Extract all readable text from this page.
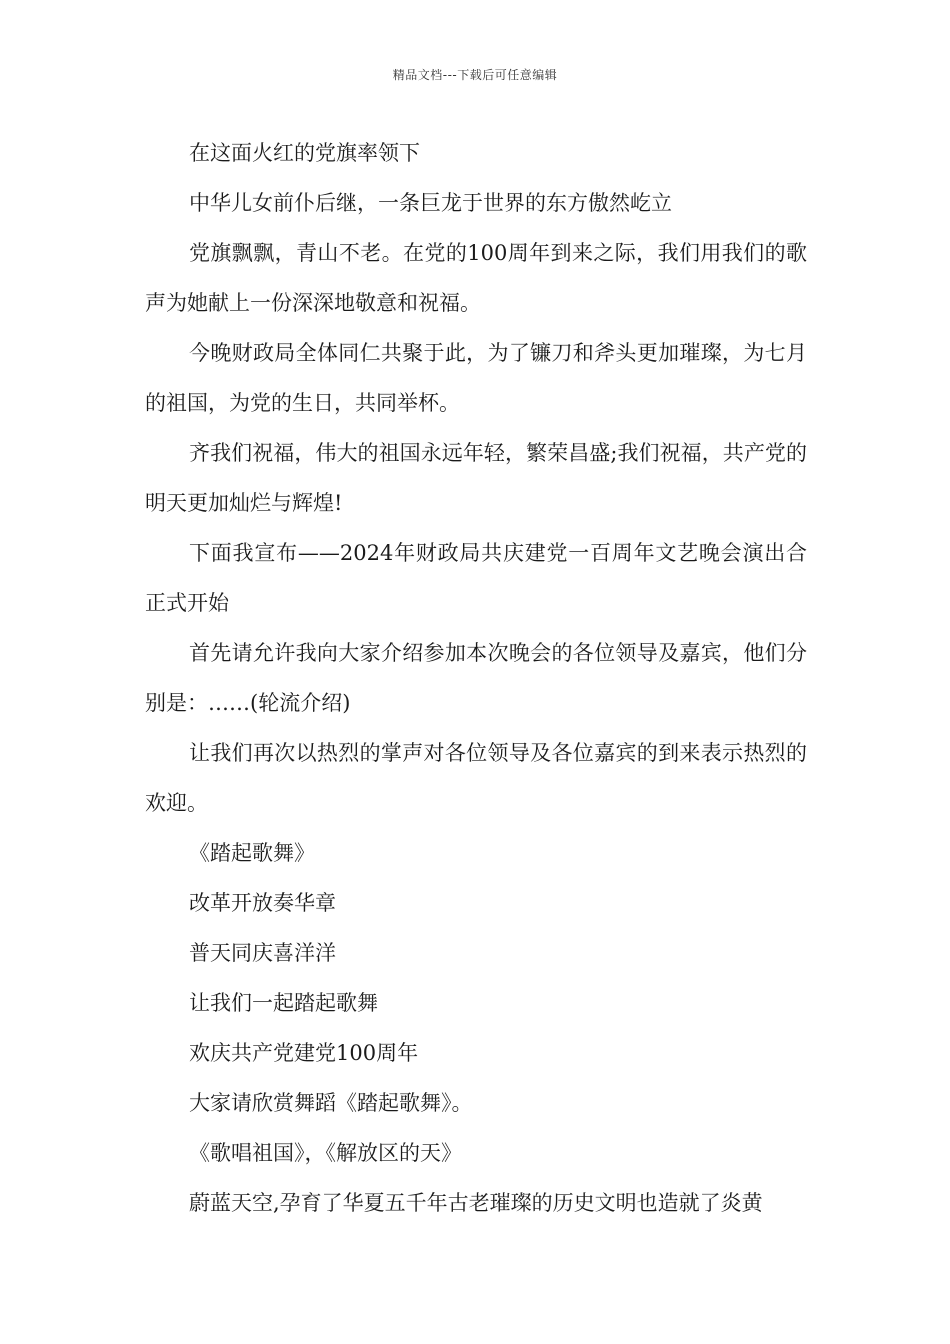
精品文档---下载后可任意编辑

在这面火红的党旗率领下

中华儿女前仆后继，一条巨龙于世界的东方傲然屹立

党旗飘飘，青山不老。在党的100周年到来之际，我们用我们的歌声为她献上一份深深地敬意和祝福。

今晚财政局全体同仁共聚于此，为了镰刀和斧头更加璀璨，为七月的祖国，为党的生日，共同举杯。

齐我们祝福，伟大的祖国永远年轻，繁荣昌盛;我们祝福，共产党的明天更加灿烂与辉煌!

下面我宣布——2024年财政局共庆建党一百周年文艺晚会演出合正式开始

首先请允许我向大家介绍参加本次晚会的各位领导及嘉宾，他们分别是：……(轮流介绍)

让我们再次以热烈的掌声对各位领导及各位嘉宾的到来表示热烈的欢迎。

《踏起歌舞》

改革开放奏华章

普天同庆喜洋洋

让我们一起踏起歌舞

欢庆共产党建党100周年

大家请欣赏舞蹈《踏起歌舞》。

《歌唱祖国》，《解放区的天》

蔚蓝天空,孕育了华夏五千年古老璀璨的历史文明也造就了炎黄
